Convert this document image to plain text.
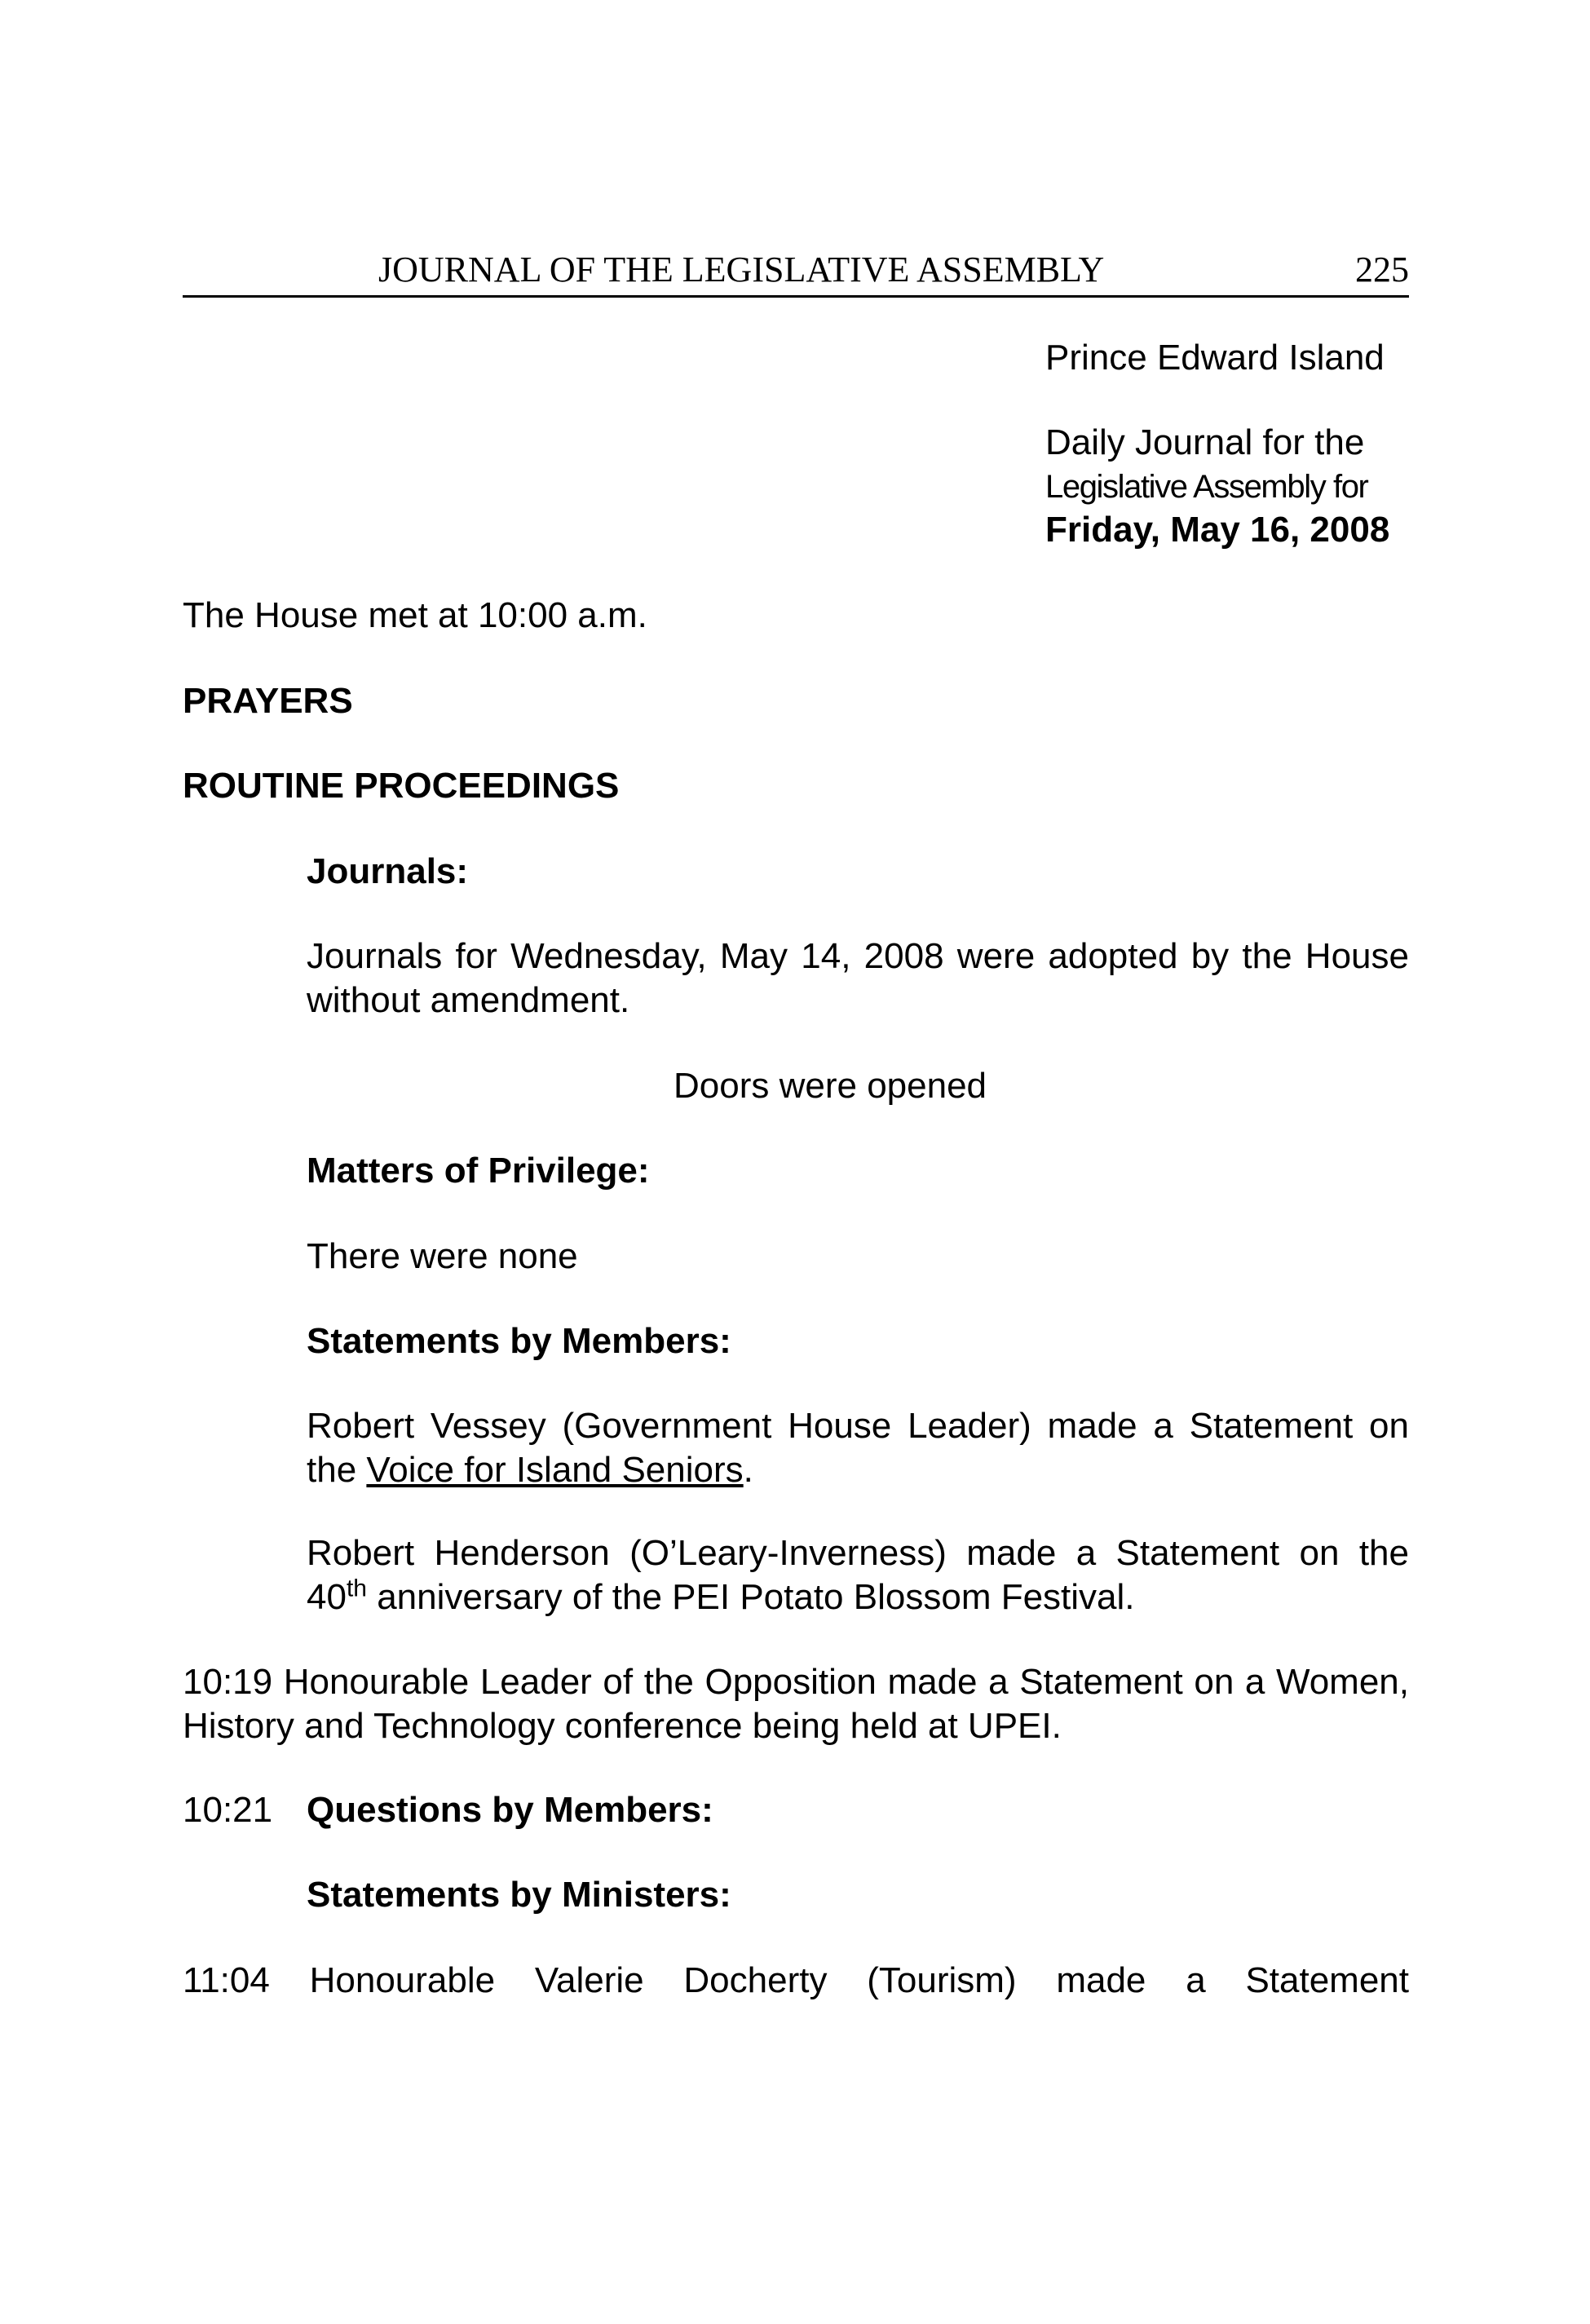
JOURNAL OF THE LEGISLATIVE ASSEMBLY	225
Prince Edward Island
Daily Journal for the
Legislative Assembly for
Friday, May 16, 2008
The House met at 10:00 a.m.
PRAYERS
ROUTINE PROCEEDINGS
Journals:

Journals for Wednesday, May 14, 2008 were adopted by the House without amendment.

Doors were opened
Matters of Privilege:
There were none
Statements by Members:

Robert Vessey (Government House Leader) made a Statement on the Voice for Island Seniors.

Robert Henderson (O’Leary-Inverness) made a Statement on the 40th anniversary of the PEI Potato Blossom Festival.

10:19 Honourable Leader of the Opposition made a Statement on a Women, History and Technology conference being held at UPEI.

10:21 Questions by Members:
Statements by Ministers:

11:04 Honourable Valerie Docherty (Tourism) made a Statement
